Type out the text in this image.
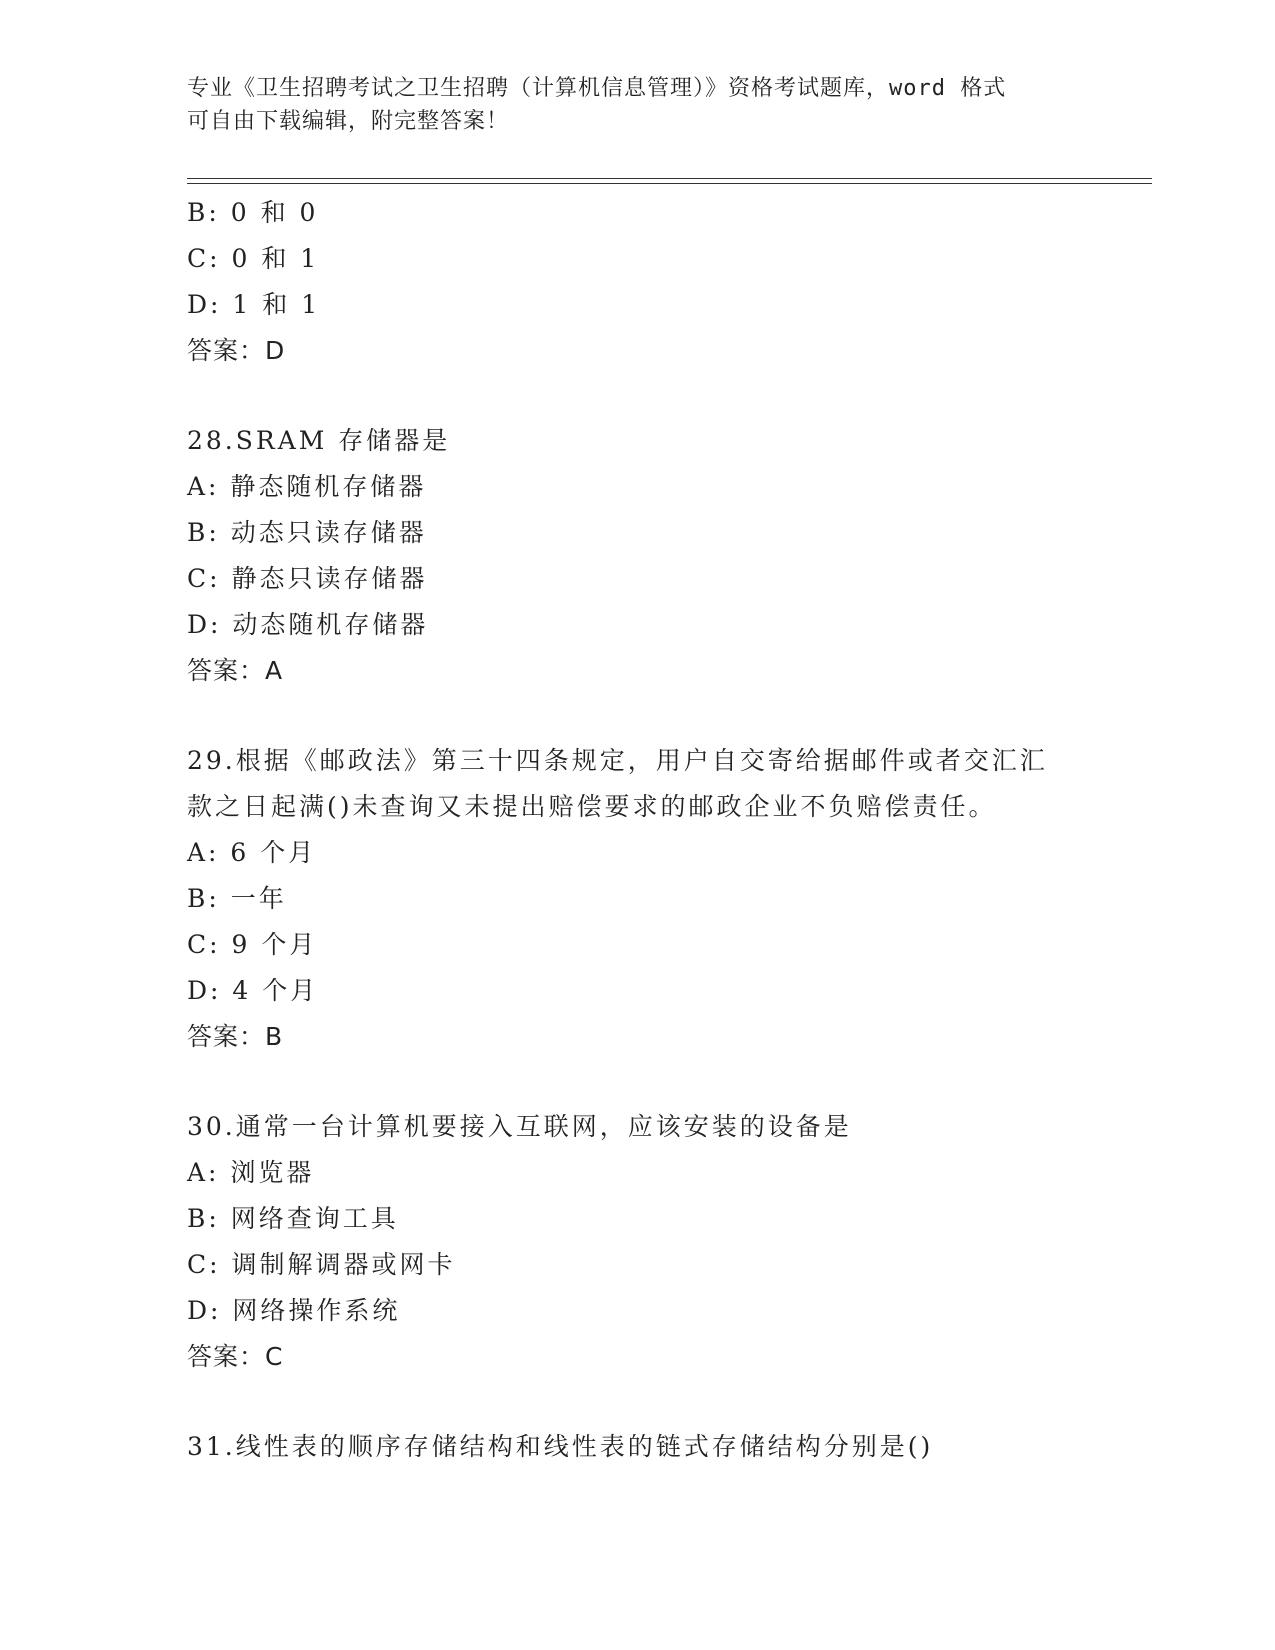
专业《卫生招聘考试之卫生招聘（计算机信息管理）》资格考试题库，word 格式
可自由下载编辑，附完整答案！
B: 0 和 0
C: 0 和 1
D: 1 和 1
答案：D
28.SRAM 存储器是
A: 静态随机存储器
B: 动态只读存储器
C: 静态只读存储器
D: 动态随机存储器
答案：A
29.根据《邮政法》第三十四条规定，用户自交寄给据邮件或者交汇汇
款之日起满()未查询又未提出赔偿要求的邮政企业不负赔偿责任。
A: 6 个月
B: 一年
C: 9 个月
D: 4 个月
答案：B
30.通常一台计算机要接入互联网，应该安装的设备是
A: 浏览器
B: 网络查询工具
C: 调制解调器或网卡
D: 网络操作系统
答案：C
31.线性表的顺序存储结构和线性表的链式存储结构分别是()
